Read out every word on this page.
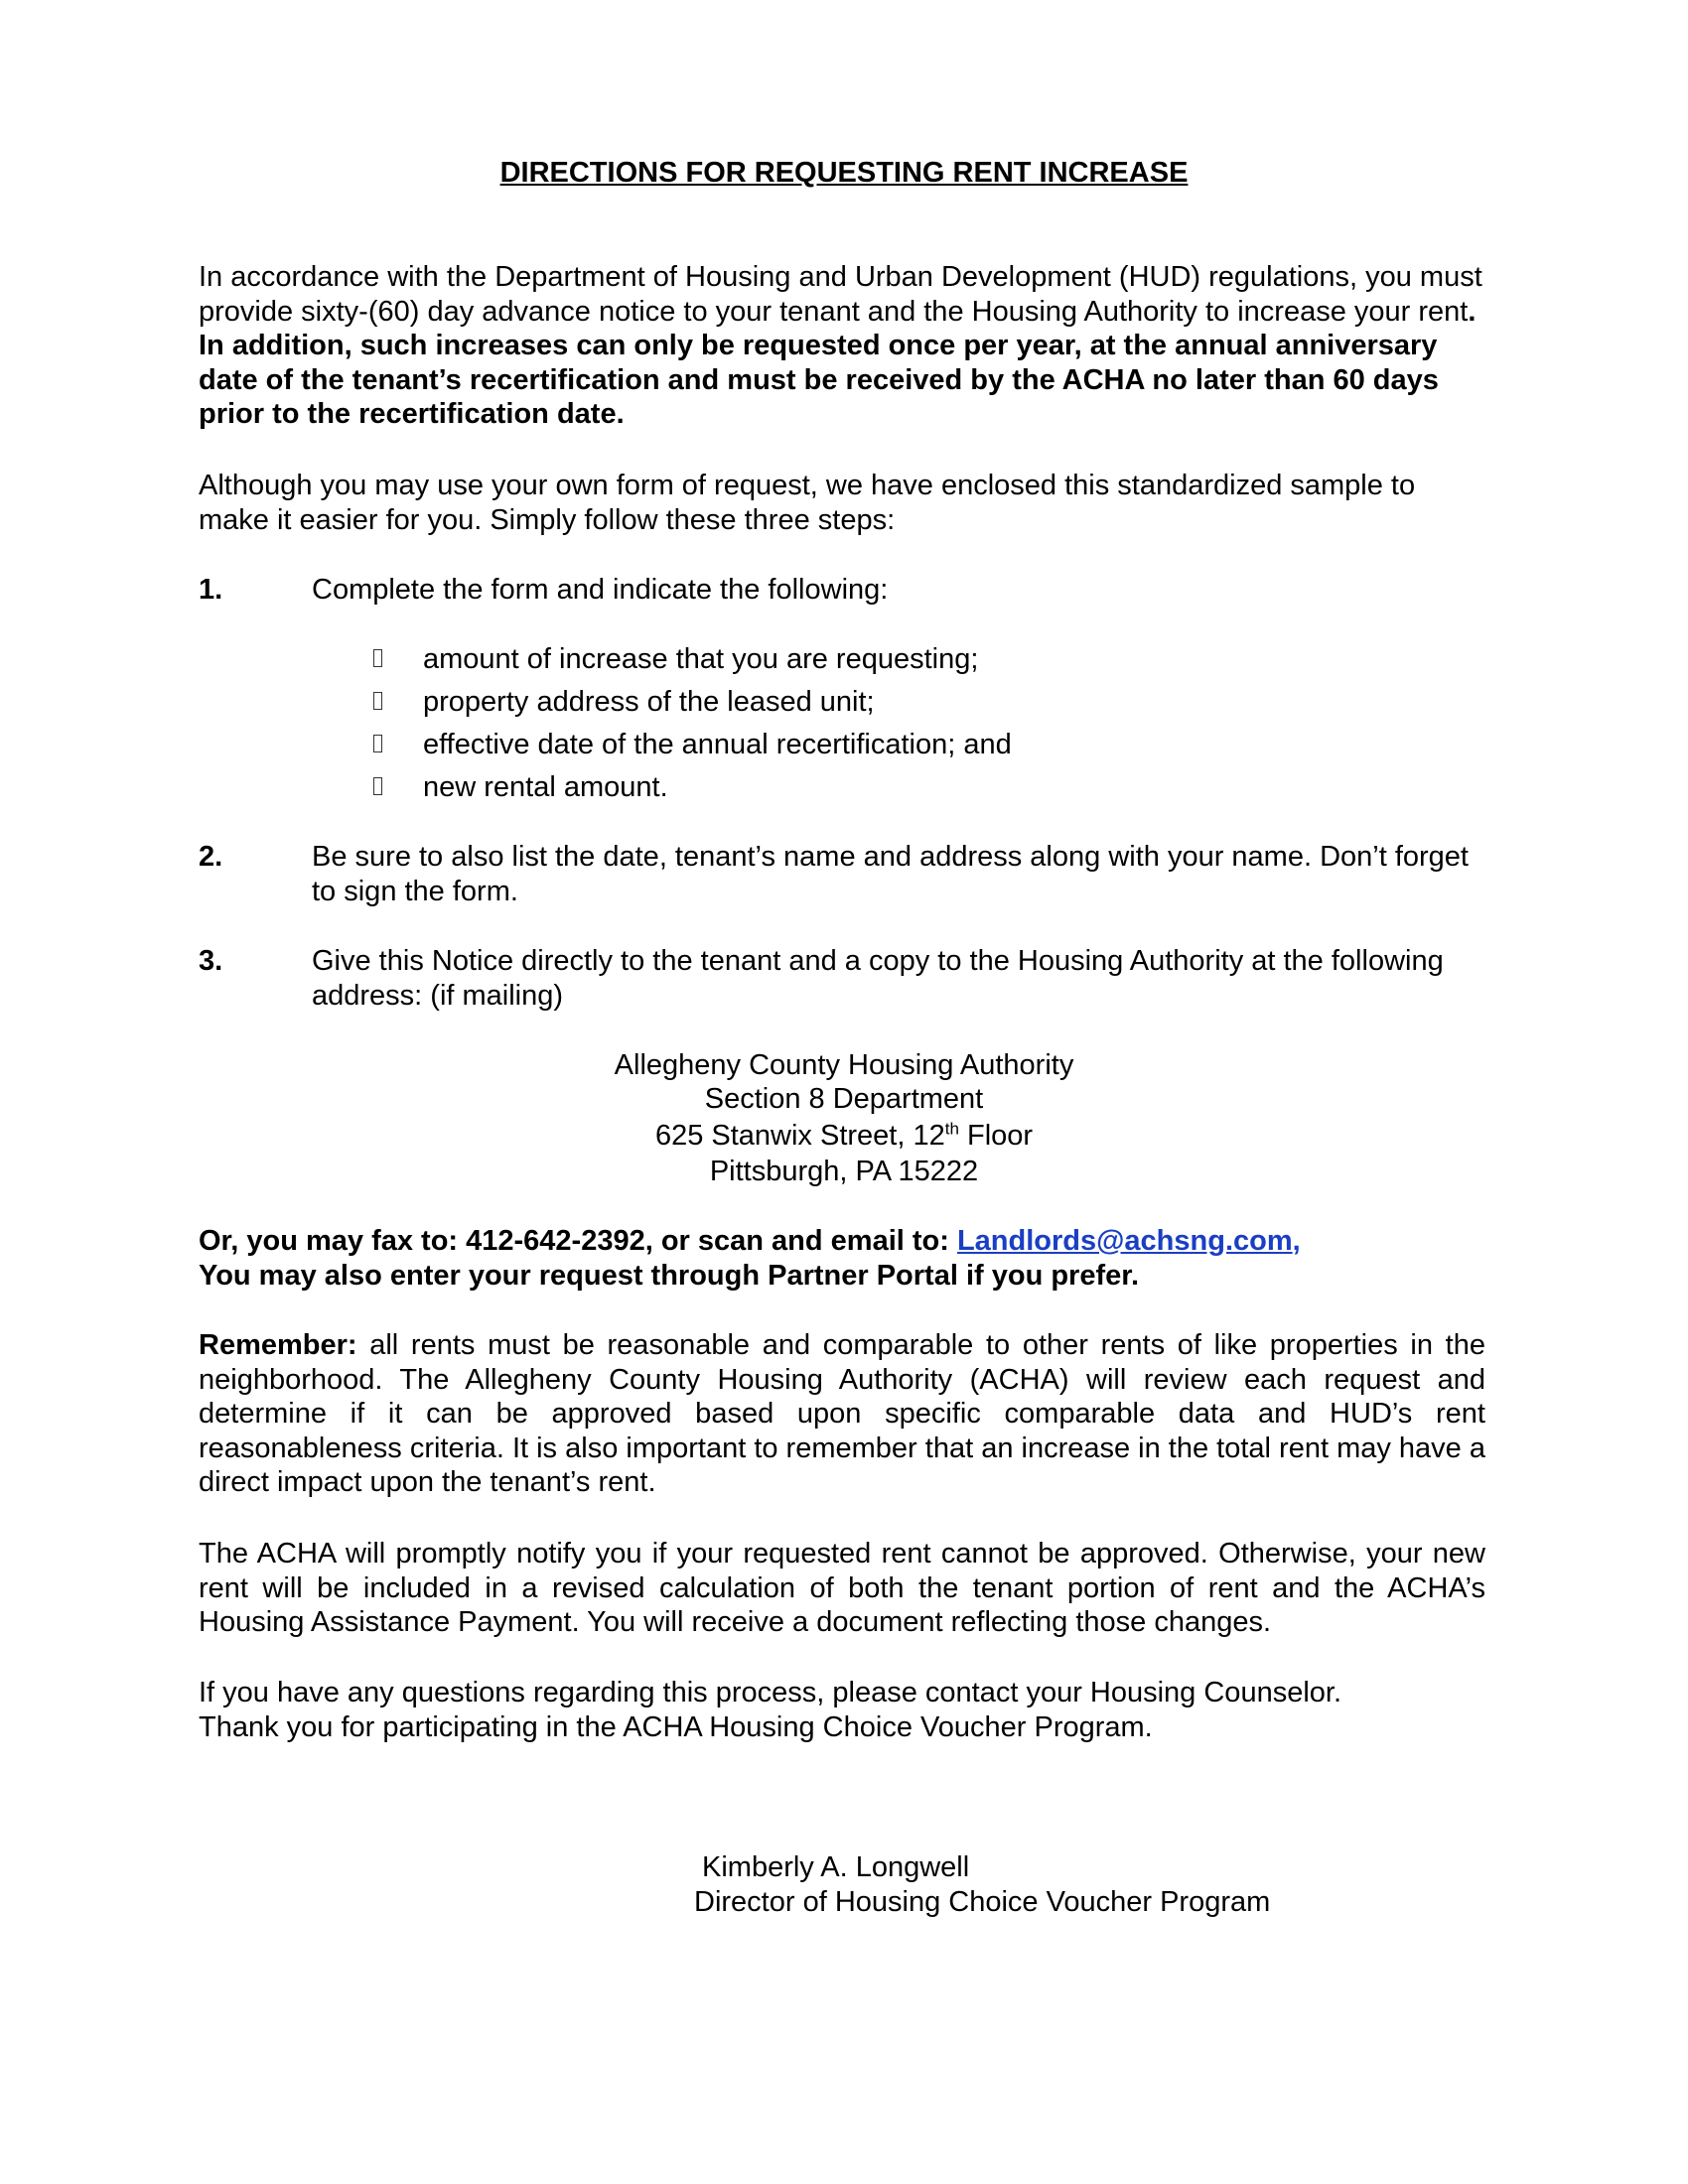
DIRECTIONS FOR REQUESTING RENT INCREASE

In accordance with the Department of Housing and Urban Development (HUD) regulations, you must provide sixty-(60) day advance notice to your tenant and the Housing Authority to increase your rent. In addition, such increases can only be requested once per year, at the annual anniversary date of the tenant’s recertification and must be received by the ACHA no later than 60 days prior to the recertification date.

Although you may use your own form of request, we have enclosed this standardized sample to make it easier for you. Simply follow these three steps:

1.	Complete the form and indicate the following:

amount of increase that you are requesting;
property address of the leased unit;
effective date of the annual recertification; and
new rental amount.
2.	Be sure to also list the date, tenant’s name and address along with your name. Don’t forget to sign the form.

3.	Give this Notice directly to the tenant and a copy to the Housing Authority at the following address: (if mailing)

Allegheny County Housing Authority
Section 8 Department
625 Stanwix Street, 12th Floor
Pittsburgh, PA 15222

Or, you may fax to: 412-642-2392, or scan and email to: Landlords@achsng.com,
You may also enter your request through Partner Portal if you prefer.

Remember: all rents must be reasonable and comparable to other rents of like properties in the neighborhood. The Allegheny County Housing Authority (ACHA) will review each request and determine if it can be approved based upon specific comparable data and HUD’s rent reasonableness criteria. It is also important to remember that an increase in the total rent may have a direct impact upon the tenant’s rent.

The ACHA will promptly notify you if your requested rent cannot be approved. Otherwise, your new rent will be included in a revised calculation of both the tenant portion of rent and the ACHA’s Housing Assistance Payment. You will receive a document reflecting those changes.

If you have any questions regarding this process, please contact your Housing Counselor.
Thank you for participating in the ACHA Housing Choice Voucher Program.

Kimberly A. Longwell
Director of Housing Choice Voucher Program
